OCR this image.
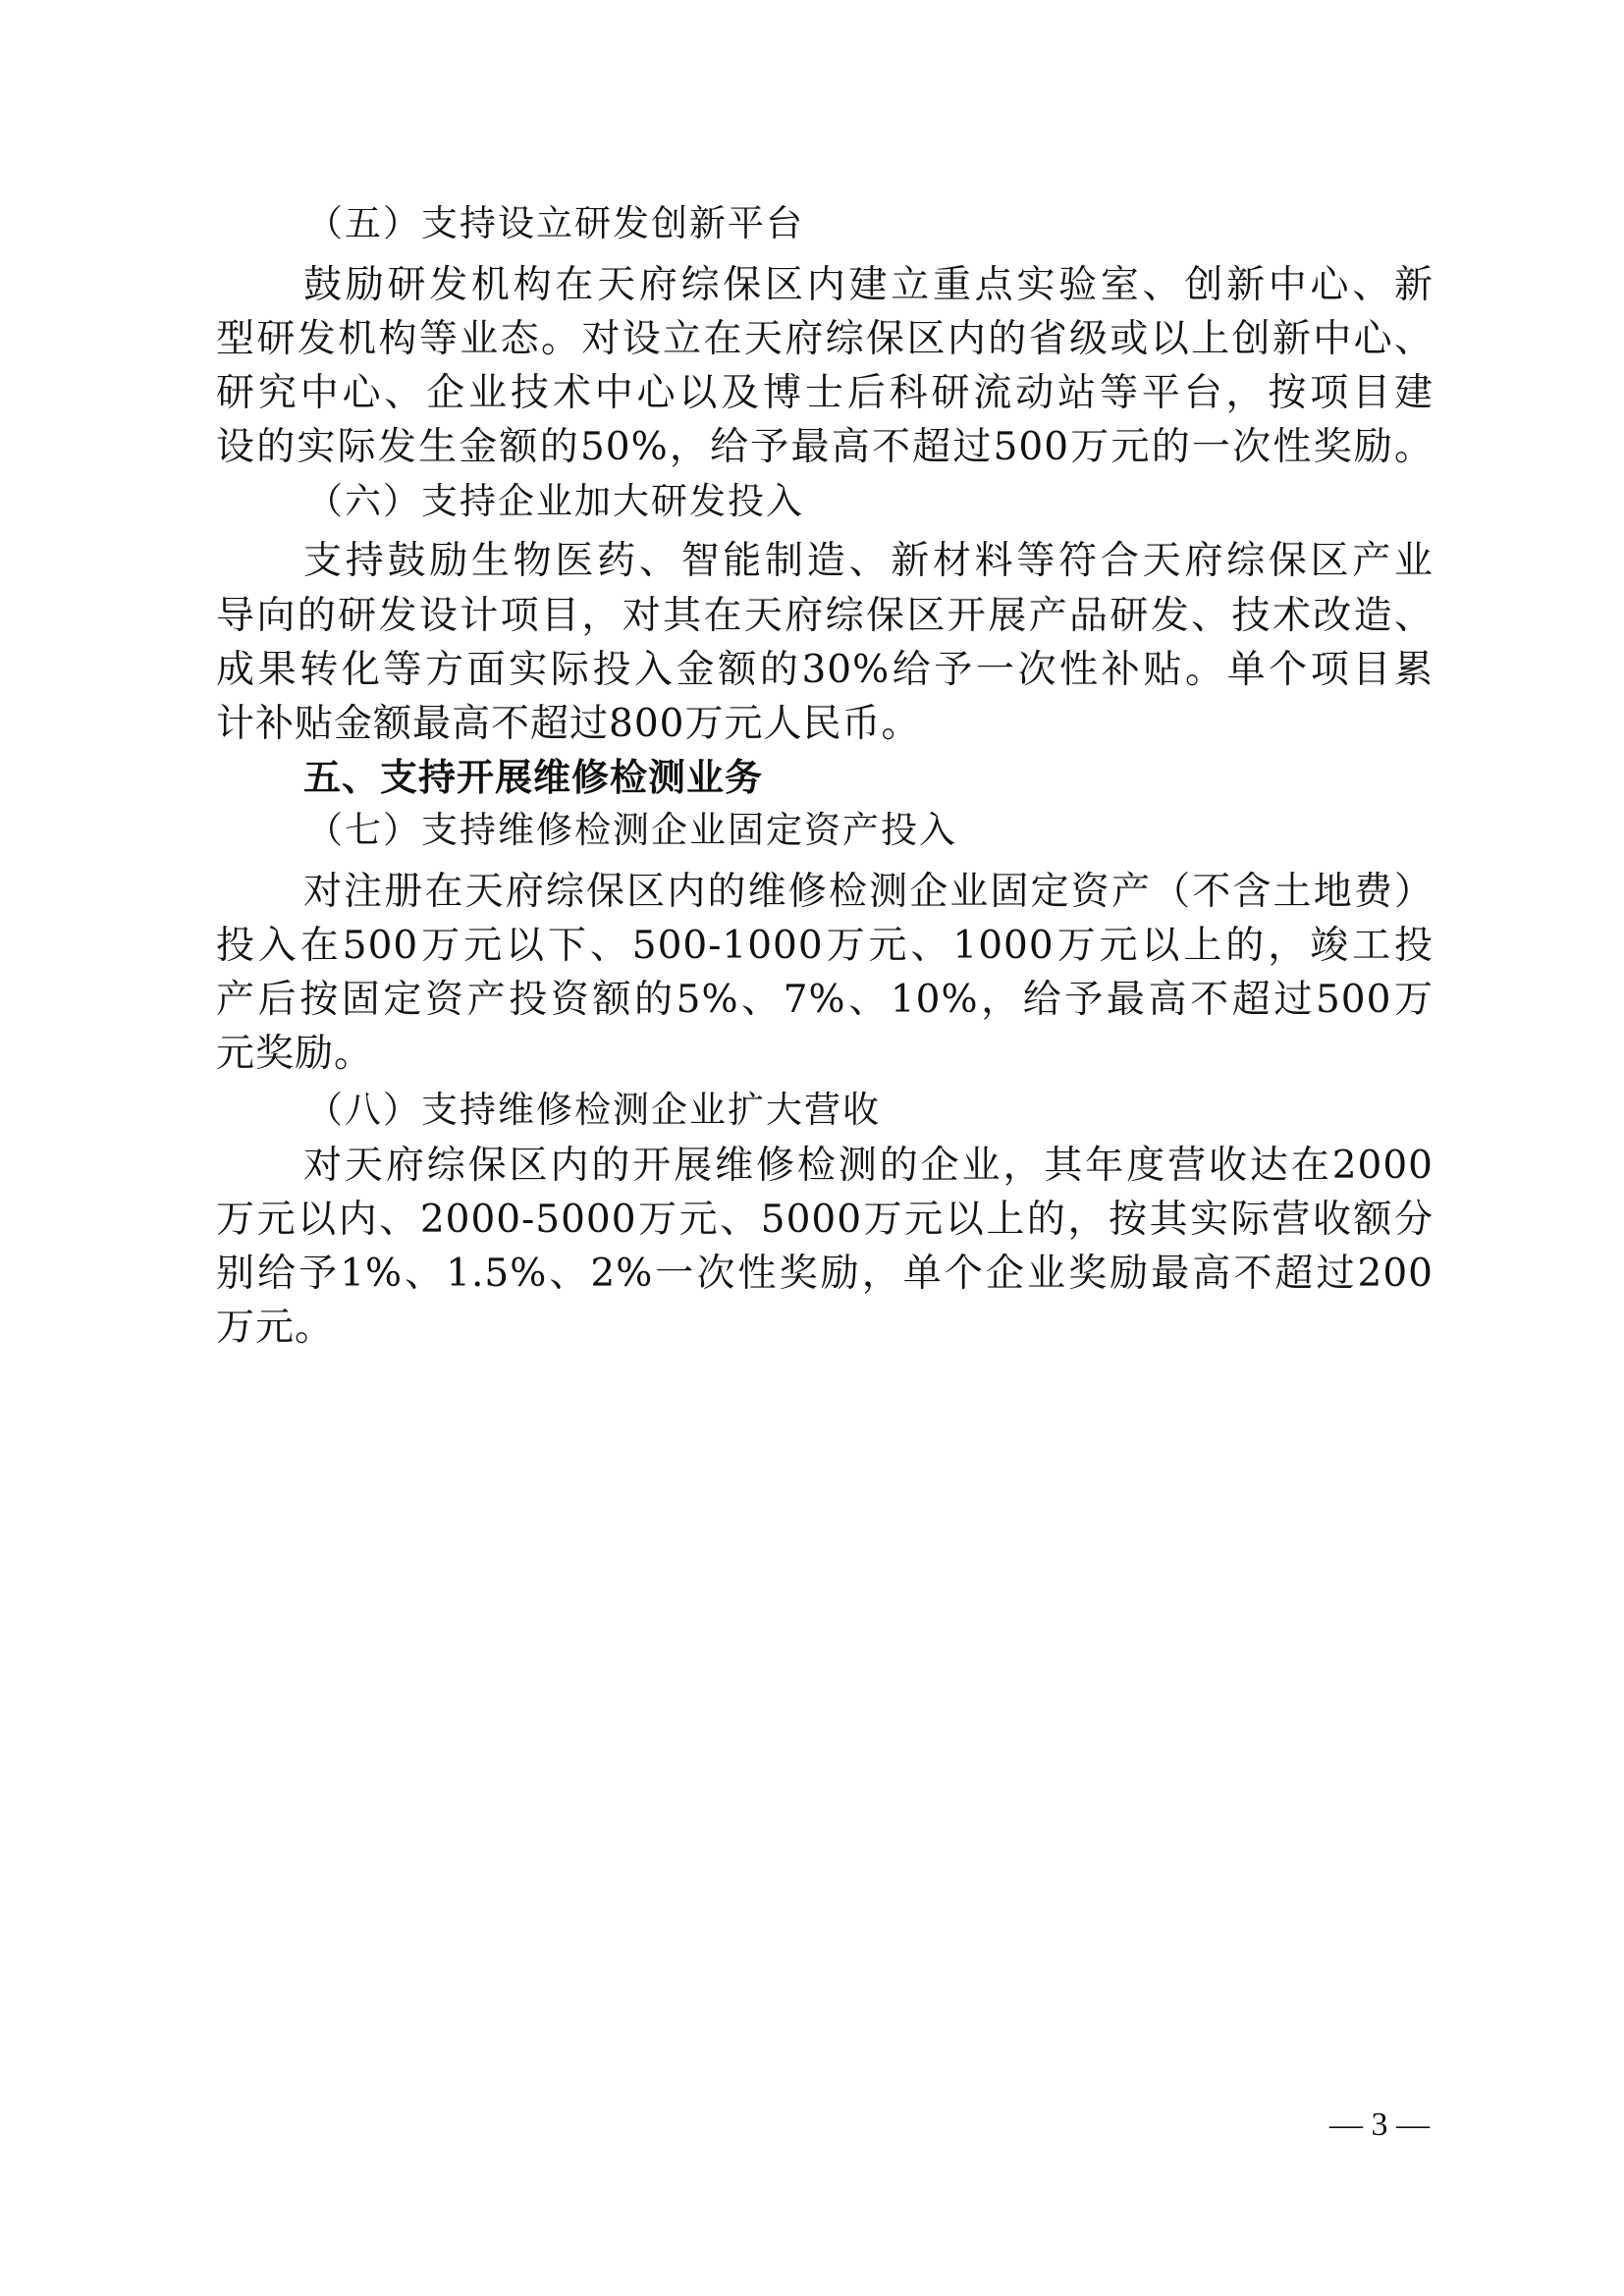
（五）支持设立研发创新平台
鼓励研发机构在天府综保区内建立重点实验室、创新中心、新
型研发机构等业态。对设立在天府综保区内的省级或以上创新中心、
研究中心、企业技术中心以及博士后科研流动站等平台，按项目建
设的实际发生金额的50%，给予最高不超过500万元的一次性奖励。
（六）支持企业加大研发投入
支持鼓励生物医药、智能制造、新材料等符合天府综保区产业
导向的研发设计项目，对其在天府综保区开展产品研发、技术改造、
成果转化等方面实际投入金额的30%给予一次性补贴。单个项目累
计补贴金额最高不超过800万元人民币。
五、支持开展维修检测业务
（七）支持维修检测企业固定资产投入
对注册在天府综保区内的维修检测企业固定资产（不含土地费）
投入在500万元以下、500-1000万元、1000万元以上的，竣工投
产后按固定资产投资额的5%、7%、10%，给予最高不超过500万
元奖励。
（八）支持维修检测企业扩大营收
对天府综保区内的开展维修检测的企业，其年度营收达在2000
万元以内、2000-5000万元、5000万元以上的，按其实际营收额分
别给予1%、1.5%、2%一次性奖励，单个企业奖励最高不超过200
万元。
— 3 —
